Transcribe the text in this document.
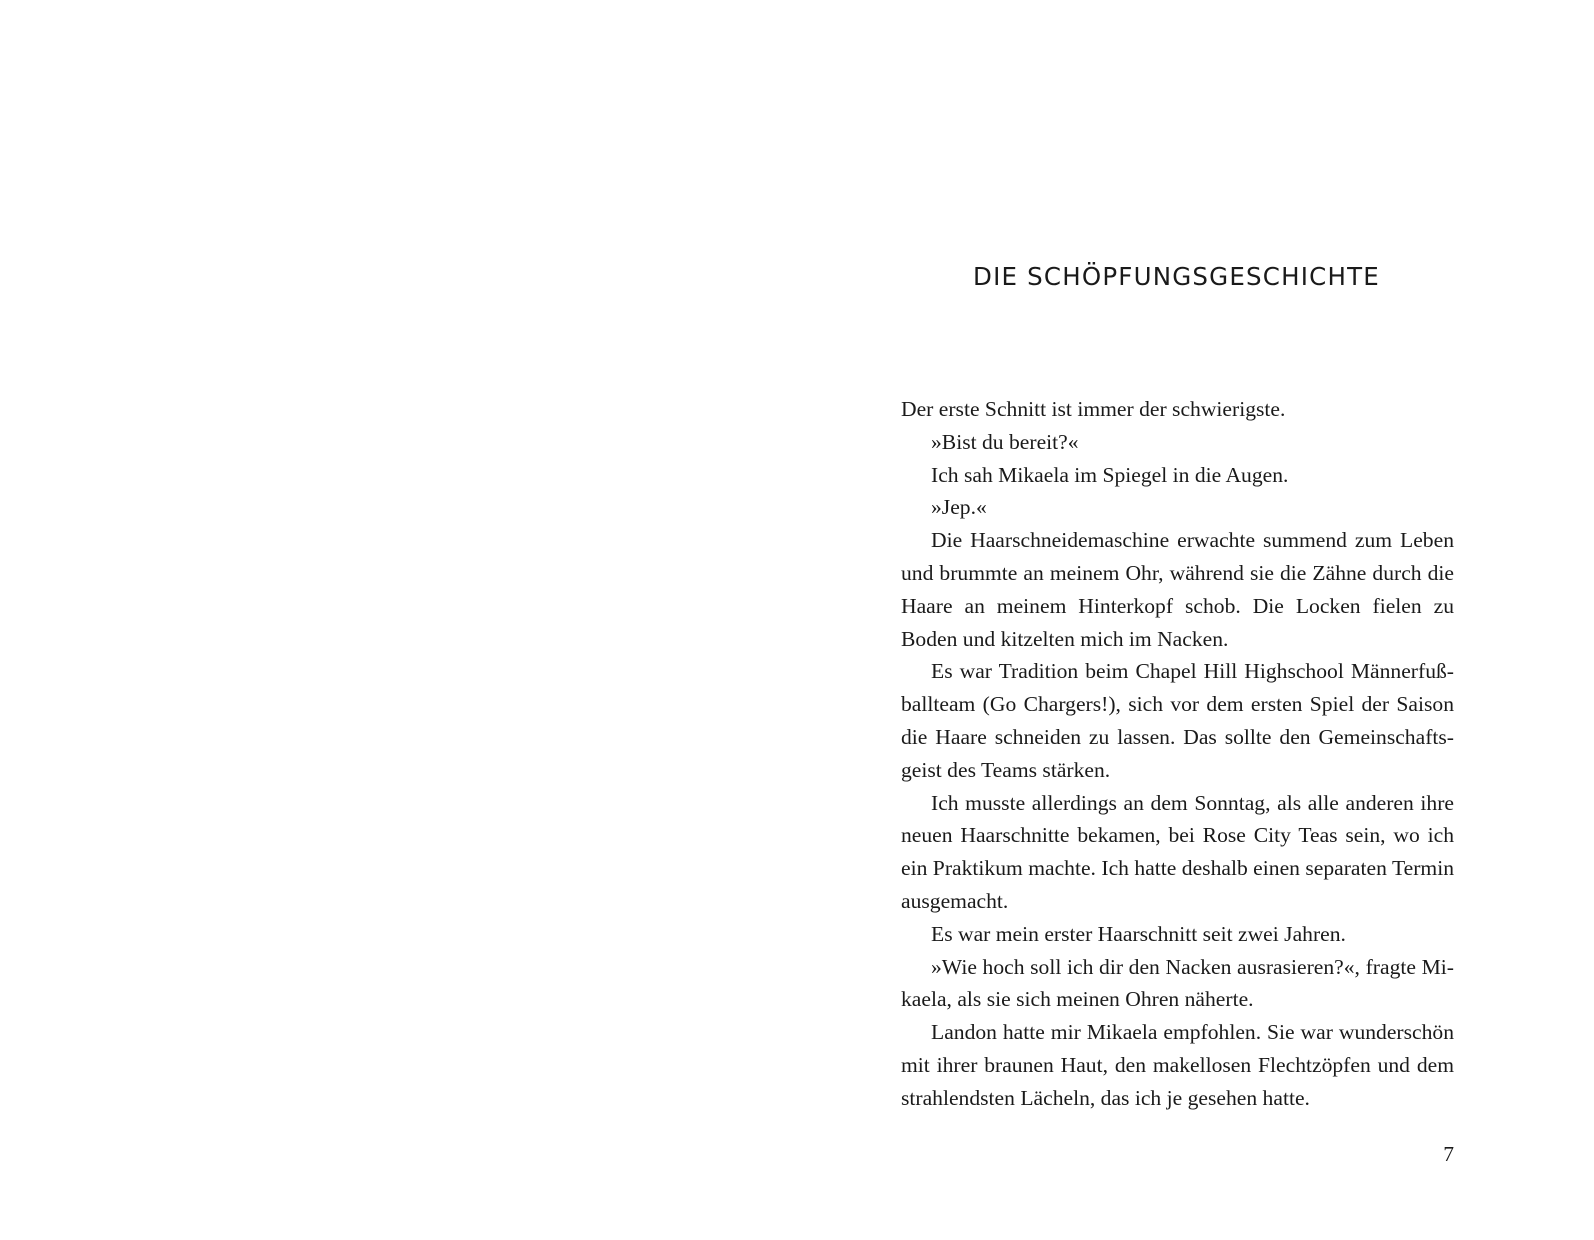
DIE SCHÖPFUNGSGESCHICHTE

Der erste Schnitt ist immer der schwierigste.

»Bist du bereit?«

Ich sah Mikaela im Spiegel in die Augen.

»Jep.«

Die Haarschneidemaschine erwachte summend zum Leben und brummte an meinem Ohr, während sie die Zähne durch die Haare an meinem Hinterkopf schob. Die Locken fielen zu Boden und kitzelten mich im Nacken.

Es war Tradition beim Chapel Hill Highschool Männerfußballteam (Go Chargers!), sich vor dem ersten Spiel der Saison die Haare schneiden zu lassen. Das sollte den Gemeinschaftsgeist des Teams stärken.

Ich musste allerdings an dem Sonntag, als alle anderen ihre neuen Haarschnitte bekamen, bei Rose City Teas sein, wo ich ein Praktikum machte. Ich hatte deshalb einen separaten Termin ausgemacht.

Es war mein erster Haarschnitt seit zwei Jahren.

»Wie hoch soll ich dir den Nacken ausrasieren?«, fragte Mikaela, als sie sich meinen Ohren näherte.

Landon hatte mir Mikaela empfohlen. Sie war wunderschön mit ihrer braunen Haut, den makellosen Flechtzöpfen und dem strahlendsten Lächeln, das ich je gesehen hatte.

7
